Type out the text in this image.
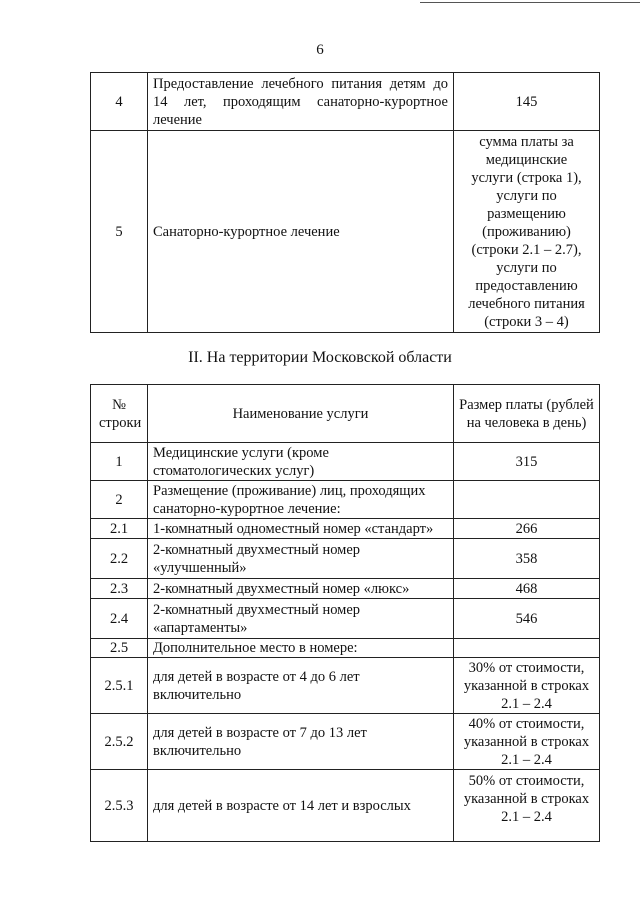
6
4	Предоставление лечебного питания детям до 14 лет, проходящим санаторно-курортное лечение	145
5	Санаторно-курортное лечение	сумма платы за медицинские услуги (строка 1), услуги по размещению (проживанию) (строки 2.1 – 2.7), услуги по предоставлению лечебного питания (строки 3 – 4)
II. На территории Московской области
№ строки	Наименование услуги	Размер платы (рублей на человека в день)
1	Медицинские услуги (кроме стоматологических услуг)	315
2	Размещение (проживание) лиц, проходящих санаторно-курортное лечение:	
2.1	1-комнатный одноместный номер «стандарт»	266
2.2	2-комнатный двухместный номер «улучшенный»	358
2.3	2-комнатный двухместный номер «люкс»	468
2.4	2-комнатный двухместный номер «апартаменты»	546
2.5	Дополнительное место в номере:	
2.5.1	для детей в возрасте от 4 до 6 лет включительно	30% от стоимости, указанной в строках 2.1 – 2.4
2.5.2	для детей в возрасте от 7 до 13 лет включительно	40% от стоимости, указанной в строках 2.1 – 2.4
2.5.3	для детей в возрасте от 14 лет и взрослых	50% от стоимости, указанной в строках 2.1 – 2.4
